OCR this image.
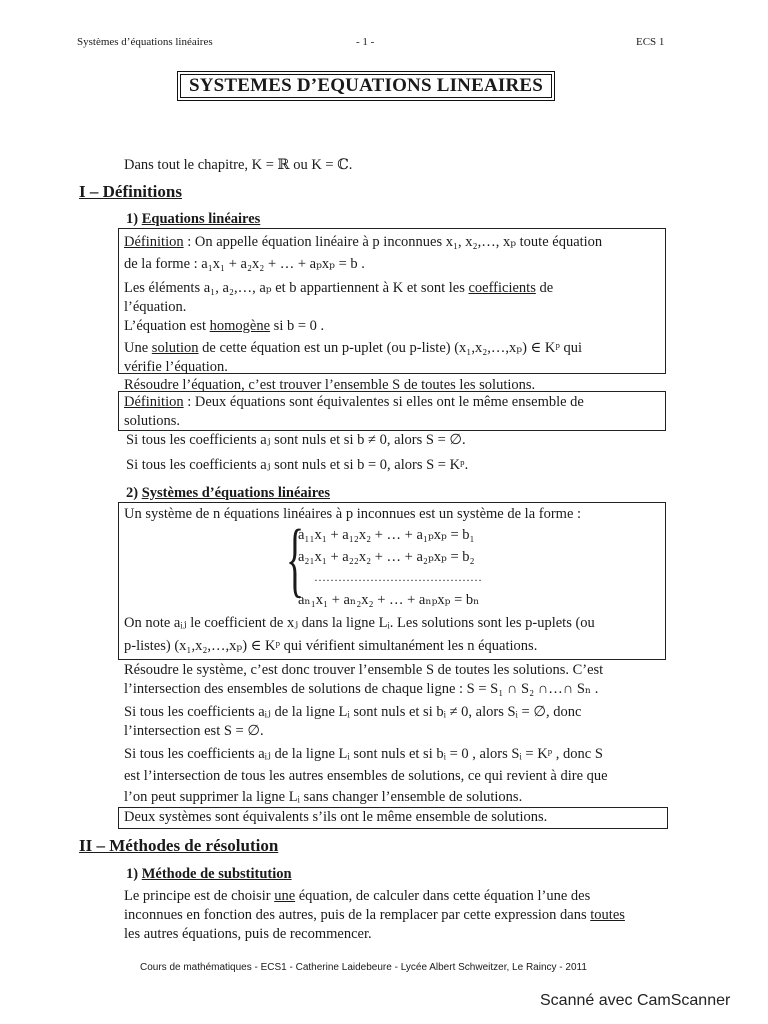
Systèmes d’équations linéaires	- 1 -	ECS 1
SYSTEMES D’EQUATIONS LINEAIRES
Dans tout le chapitre, K = ℝ ou K = ℂ.
I – Définitions
1) Equations linéaires
Définition : On appelle équation linéaire à p inconnues x₁, x₂,…, xₚ toute équation
de la forme : a₁x₁ + a₂x₂ + … + aₚxₚ = b .
Les éléments a₁, a₂,…, aₚ et b appartiennent à K et sont les coefficients de
l’équation.
L’équation est homogène si b = 0 .
Une solution de cette équation est un p-uplet (ou p-liste) (x₁,x₂,…,xₚ) ∈ Kᵖ qui
vérifie l’équation.
Résoudre l’équation, c’est trouver l’ensemble S de toutes les solutions.
Définition : Deux équations sont équivalentes si elles ont le même ensemble de
solutions.
Si tous les coefficients aⱼ sont nuls et si b ≠ 0, alors S = ∅.
Si tous les coefficients aⱼ sont nuls et si b = 0, alors S = Kᵖ.
2) Systèmes d’équations linéaires
Un système de n équations linéaires à p inconnues est un système de la forme :
{
a₁₁x₁ + a₁₂x₂ + … + a₁ₚxₚ = b₁
a₂₁x₁ + a₂₂x₂ + … + a₂ₚxₚ = b₂
……………………………………
aₙ₁x₁ + aₙ₂x₂ + … + aₙₚxₚ = bₙ
On note aᵢⱼ le coefficient de xⱼ dans la ligne Lᵢ. Les solutions sont les p-uplets (ou
p-listes) (x₁,x₂,…,xₚ) ∈ Kᵖ qui vérifient simultanément les n équations.
Résoudre le système, c’est donc trouver l’ensemble S de toutes les solutions. C’est
l’intersection des ensembles de solutions de chaque ligne : S = S₁ ∩ S₂ ∩…∩ Sₙ .
Si tous les coefficients aᵢⱼ de la ligne Lᵢ sont nuls et si bᵢ ≠ 0, alors Sᵢ = ∅, donc
l’intersection est S = ∅.
Si tous les coefficients aᵢⱼ de la ligne Lᵢ sont nuls et si bᵢ = 0 , alors Sᵢ = Kᵖ , donc S
est l’intersection de tous les autres ensembles de solutions, ce qui revient à dire que
l’on peut supprimer la ligne Lᵢ sans changer l’ensemble de solutions.
Deux systèmes sont équivalents s’ils ont le même ensemble de solutions.
II – Méthodes de résolution
1) Méthode de substitution
Le principe est de choisir une équation, de calculer dans cette équation l’une des
inconnues en fonction des autres, puis de la remplacer par cette expression dans toutes
les autres équations, puis de recommencer.
Cours de mathématiques - ECS1 - Catherine Laidebeure - Lycée Albert Schweitzer, Le Raincy - 2011
Scanné avec CamScanner
